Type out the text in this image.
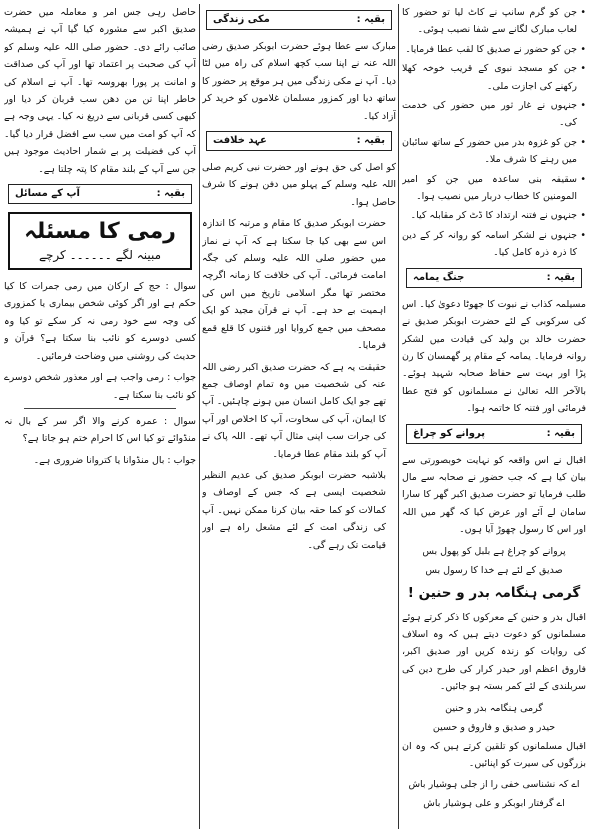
• جن کو گرم سانپ نے کاٹ لیا تو حضور کا لعاب مبارک لگانے سے شفا نصیب ہوئی۔
• جن کو حضور نے صدیق کا لقب عطا فرمایا۔
• جن کو مسجد نبوی کے قریب خوخہ کھلا رکھنے کی اجازت ملی۔
• جنہوں نے غار ثور میں حضور کی خدمت کی۔
• جن کو غزوہ بدر میں حضور کے ساتھ سائبان میں رہنے کا شرف ملا۔
• سقیفہ بنی ساعدہ میں جن کو امیر المومنین کا خطاب دربار میں نصیب ہوا۔
• جنہوں نے فتنہ ارتداد کا ڈٹ کر مقابلہ کیا۔
• جنہوں نے لشکر اسامہ کو روانہ کر کے دین کا ذرہ ذرہ کامل کیا۔
بقیہ :
جنگ یمامہ

مسیلمہ کذاب نے نبوت کا جھوٹا دعویٰ کیا۔ اس کی سرکوبی کے لئے حضرت ابوبکر صدیق نے حضرت خالد بن ولید کی قیادت میں لشکر روانہ فرمایا۔ یمامہ کے مقام پر گھمسان کا رن پڑا اور بہت سے حفاظ صحابہ شہید ہوئے۔ بالآخر اللہ تعالیٰ نے مسلمانوں کو فتح عطا فرمائی اور فتنہ کا خاتمہ ہوا۔

بقیہ :
پروانے کو چراغ

اقبال نے اس واقعہ کو نہایت خوبصورتی سے بیان کیا ہے کہ جب حضور نے صحابہ سے مال طلب فرمایا تو حضرت صدیق اکبر گھر کا سارا سامان لے آئے اور عرض کیا کہ گھر میں اللہ اور اس کا رسول چھوڑ آیا ہوں۔

پروانے کو چراغ ہے بلبل کو پھول بس
صدیق کے لئے ہے خدا کا رسول بس
گرمی ہنگامہ بدر و حنین !

اقبال بدر و حنین کے معرکوں کا ذکر کرتے ہوئے مسلمانوں کو دعوت دیتے ہیں کہ وہ اسلاف کی روایات کو زندہ کریں اور صدیق اکبر، فاروق اعظم اور حیدر کرار کی طرح دین کی سربلندی کے لئے کمر بستہ ہو جائیں۔

گرمی ہنگامہ بدر و حنین
حیدر و صدیق و فاروق و حسین

اقبال مسلمانوں کو تلقین کرتے ہیں کہ وہ ان بزرگوں کی سیرت کو اپنائیں۔

اے کہ نشناسی خفی را از جلی ہوشیار باش
اے گرفتار ابوبکر و علی ہوشیار باش
بقیہ :
مکی زندگی

مبارک سے عطا ہوئے حضرت ابوبکر صدیق رضی اللہ عنہ نے اپنا سب کچھ اسلام کی راہ میں لٹا دیا۔ آپ نے مکی زندگی میں ہر موقع پر حضور کا ساتھ دیا اور کمزور مسلمان غلاموں کو خرید کر آزاد کیا۔

بقیہ :
عہد خلافت

کو اصل کی حق ہونے اور حضرت نبی کریم صلی اللہ علیہ وسلم کے پہلو میں دفن ہونے کا شرف حاصل ہوا۔

حضرت ابوبکر صدیق کا مقام و مرتبہ کا اندازہ اس سے بھی کیا جا سکتا ہے کہ آپ نے نماز میں حضور صلی اللہ علیہ وسلم کی جگہ امامت فرمائی۔ آپ کی خلافت کا زمانہ اگرچہ مختصر تھا مگر اسلامی تاریخ میں اس کی اہمیت بے حد ہے۔ آپ نے قرآن مجید کو ایک مصحف میں جمع کروایا اور فتنوں کا قلع قمع فرمایا۔

حقیقت یہ ہے کہ حضرت صدیق اکبر رضی اللہ عنہ کی شخصیت میں وہ تمام اوصاف جمع تھے جو ایک کامل انسان میں ہونے چاہئیں۔ آپ کا ایمان، آپ کی سخاوت، آپ کا اخلاص اور آپ کی جرات سب اپنی مثال آپ تھے۔ اللہ پاک نے آپ کو بلند مقام عطا فرمایا۔

بلاشبہ حضرت ابوبکر صدیق کی عدیم النظیر شخصیت ایسی ہے کہ جس کے اوصاف و کمالات کو کما حقہ بیان کرنا ممکن نہیں۔ آپ کی زندگی امت کے لئے مشعل راہ ہے اور قیامت تک رہے گی۔

حاصل رہی جس امر و معاملہ میں حضرت صدیق اکبر سے مشورہ کیا گیا آپ نے ہمیشہ صائب رائے دی۔ حضور صلی اللہ علیہ وسلم کو آپ کی صحبت پر اعتماد تھا اور آپ کی صداقت و امانت پر پورا بھروسہ تھا۔ آپ نے اسلام کی خاطر اپنا تن من دھن سب قربان کر دیا اور کبھی کسی قربانی سے دریغ نہ کیا۔ یہی وجہ ہے کہ آپ کو امت میں سب سے افضل قرار دیا گیا۔ آپ کی فضیلت پر بے شمار احادیث موجود ہیں جن سے آپ کے بلند مقام کا پتہ چلتا ہے۔

بقیہ :
آپ کے مسائل
رمی کا مسئلہ
مبینہ لگے ۔۔۔۔۔۔ کرچے

سوال : حج کے ارکان میں رمی جمرات کا کیا حکم ہے اور اگر کوئی شخص بیماری یا کمزوری کی وجہ سے خود رمی نہ کر سکے تو کیا وہ کسی دوسرے کو نائب بنا سکتا ہے؟ قرآن و حدیث کی روشنی میں وضاحت فرمائیں۔

جواب : رمی واجب ہے اور معذور شخص دوسرے کو نائب بنا سکتا ہے۔

سوال : عمرہ کرنے والا اگر سر کے بال نہ منڈوائے تو کیا اس کا احرام ختم ہو جاتا ہے؟

جواب : بال منڈوانا یا کتروانا ضروری ہے۔
